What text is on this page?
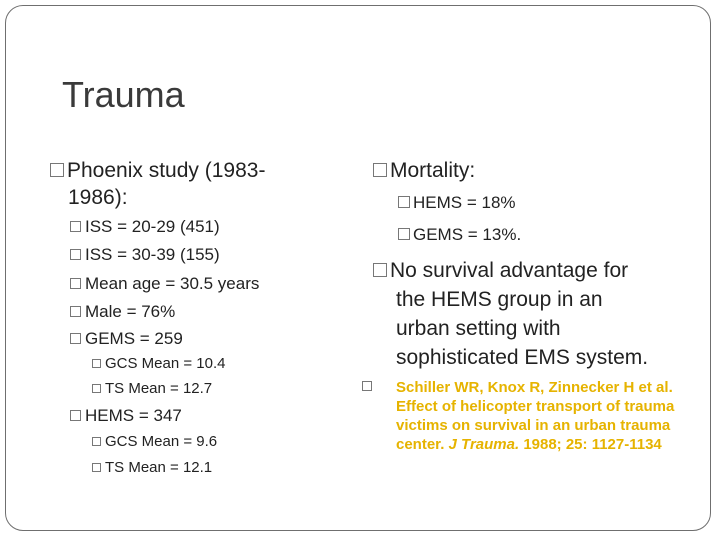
Trauma
Phoenix study (1983-
1986):
ISS = 20-29 (451)
ISS = 30-39 (155)
Mean age = 30.5 years
Male = 76%
GEMS = 259
GCS Mean = 10.4
TS Mean = 12.7
HEMS = 347
GCS Mean = 9.6
TS Mean = 12.1
Mortality:
HEMS = 18%
GEMS = 13%.
No survival advantage for
the HEMS group in an
urban setting with
sophisticated EMS system.

Schiller WR, Knox R, Zinnecker H et al. Effect of helicopter transport of trauma victims on survival in an urban trauma center. J Trauma. 1988; 25: 1127-1134
